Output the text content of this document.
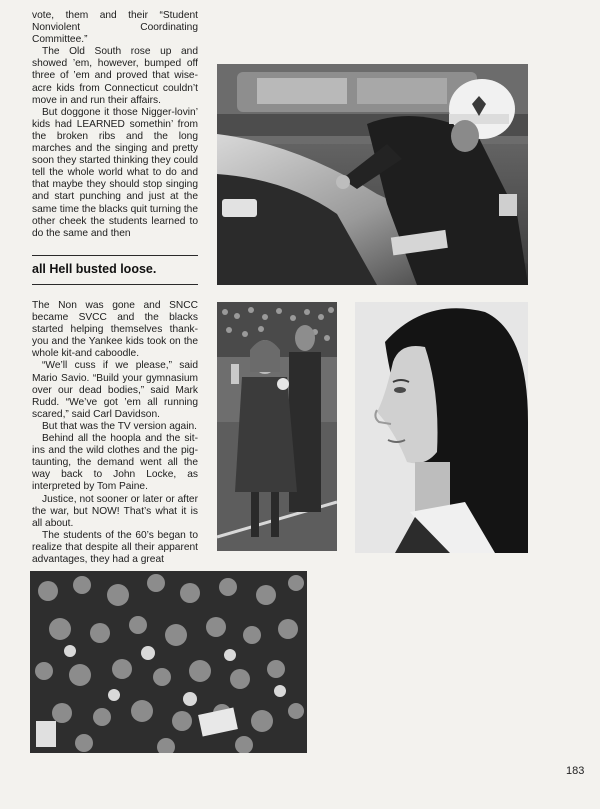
vote, them and their “Student Nonviolent Coordinating Committee.”

The Old South rose up and showed ’em, however, bumped off three of ’em and proved that wise-acre kids from Connecticut couldn’t move in and run their affairs.

But doggone it those Nigger-lovin’ kids had LEARNED somethin’ from the broken ribs and the long marches and the singing and pretty soon they started thinking they could tell the whole world what to do and that maybe they should stop singing and start punching and just at the same time the blacks quit turning the other cheek the students learned to do the same and then

all Hell busted loose.

The Non was gone and SNCC became SVCC and the blacks started helping themselves thank-you and the Yankee kids took on the whole kit-and caboodle.

“We’ll cuss if we please,” said Mario Savio. “Build your gymnasium over our dead bodies,” said Mark Rudd. “We’ve got ’em all running scared,” said Carl Davidson.

But that was the TV version again.

Behind all the hoopla and the sit-ins and the wild clothes and the pig-taunting, the demand went all the way back to John Locke, as interpreted by Tom Paine.

Justice, not sooner or later or after the war, but NOW! That’s what it is all about.

The students of the 60’s began to realize that despite all their apparent advantages, they had a great

183
